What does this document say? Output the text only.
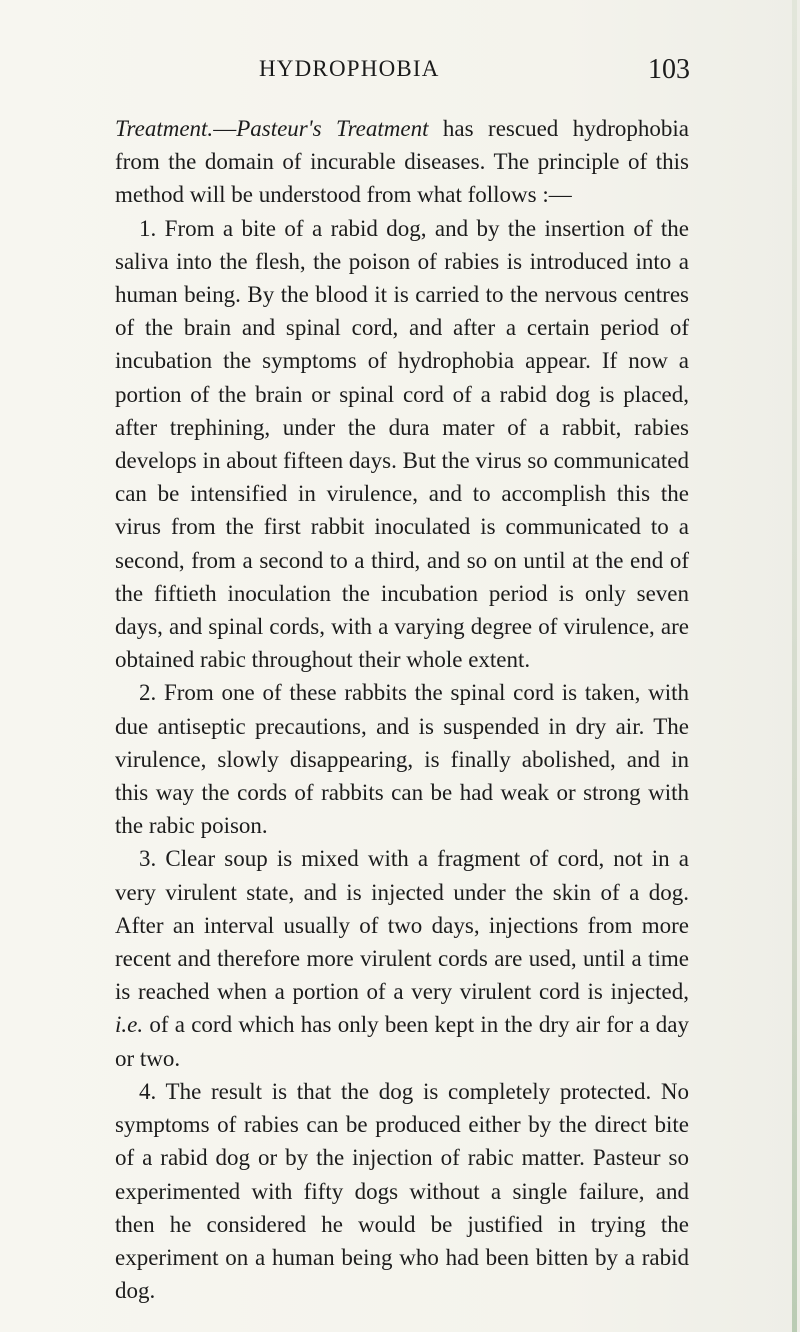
HYDROPHOBIA	103

Treatment.—Pasteur's Treatment has rescued hydrophobia from the domain of incurable diseases. The principle of this method will be understood from what follows :—

1. From a bite of a rabid dog, and by the insertion of the saliva into the flesh, the poison of rabies is introduced into a human being. By the blood it is carried to the nervous centres of the brain and spinal cord, and after a certain period of incubation the symptoms of hydrophobia appear. If now a portion of the brain or spinal cord of a rabid dog is placed, after trephining, under the dura mater of a rabbit, rabies develops in about fifteen days. But the virus so communicated can be intensified in virulence, and to accomplish this the virus from the first rabbit inoculated is communicated to a second, from a second to a third, and so on until at the end of the fiftieth inoculation the incubation period is only seven days, and spinal cords, with a varying degree of virulence, are obtained rabic throughout their whole extent.

2. From one of these rabbits the spinal cord is taken, with due antiseptic precautions, and is suspended in dry air. The virulence, slowly disappearing, is finally abolished, and in this way the cords of rabbits can be had weak or strong with the rabic poison.

3. Clear soup is mixed with a fragment of cord, not in a very virulent state, and is injected under the skin of a dog. After an interval usually of two days, injections from more recent and therefore more virulent cords are used, until a time is reached when a portion of a very virulent cord is injected, i.e. of a cord which has only been kept in the dry air for a day or two.

4. The result is that the dog is completely protected. No symptoms of rabies can be produced either by the direct bite of a rabid dog or by the injection of rabic matter. Pasteur so experimented with fifty dogs without a single failure, and then he considered he would be justified in trying the experiment on a human being who had been bitten by a rabid dog.
